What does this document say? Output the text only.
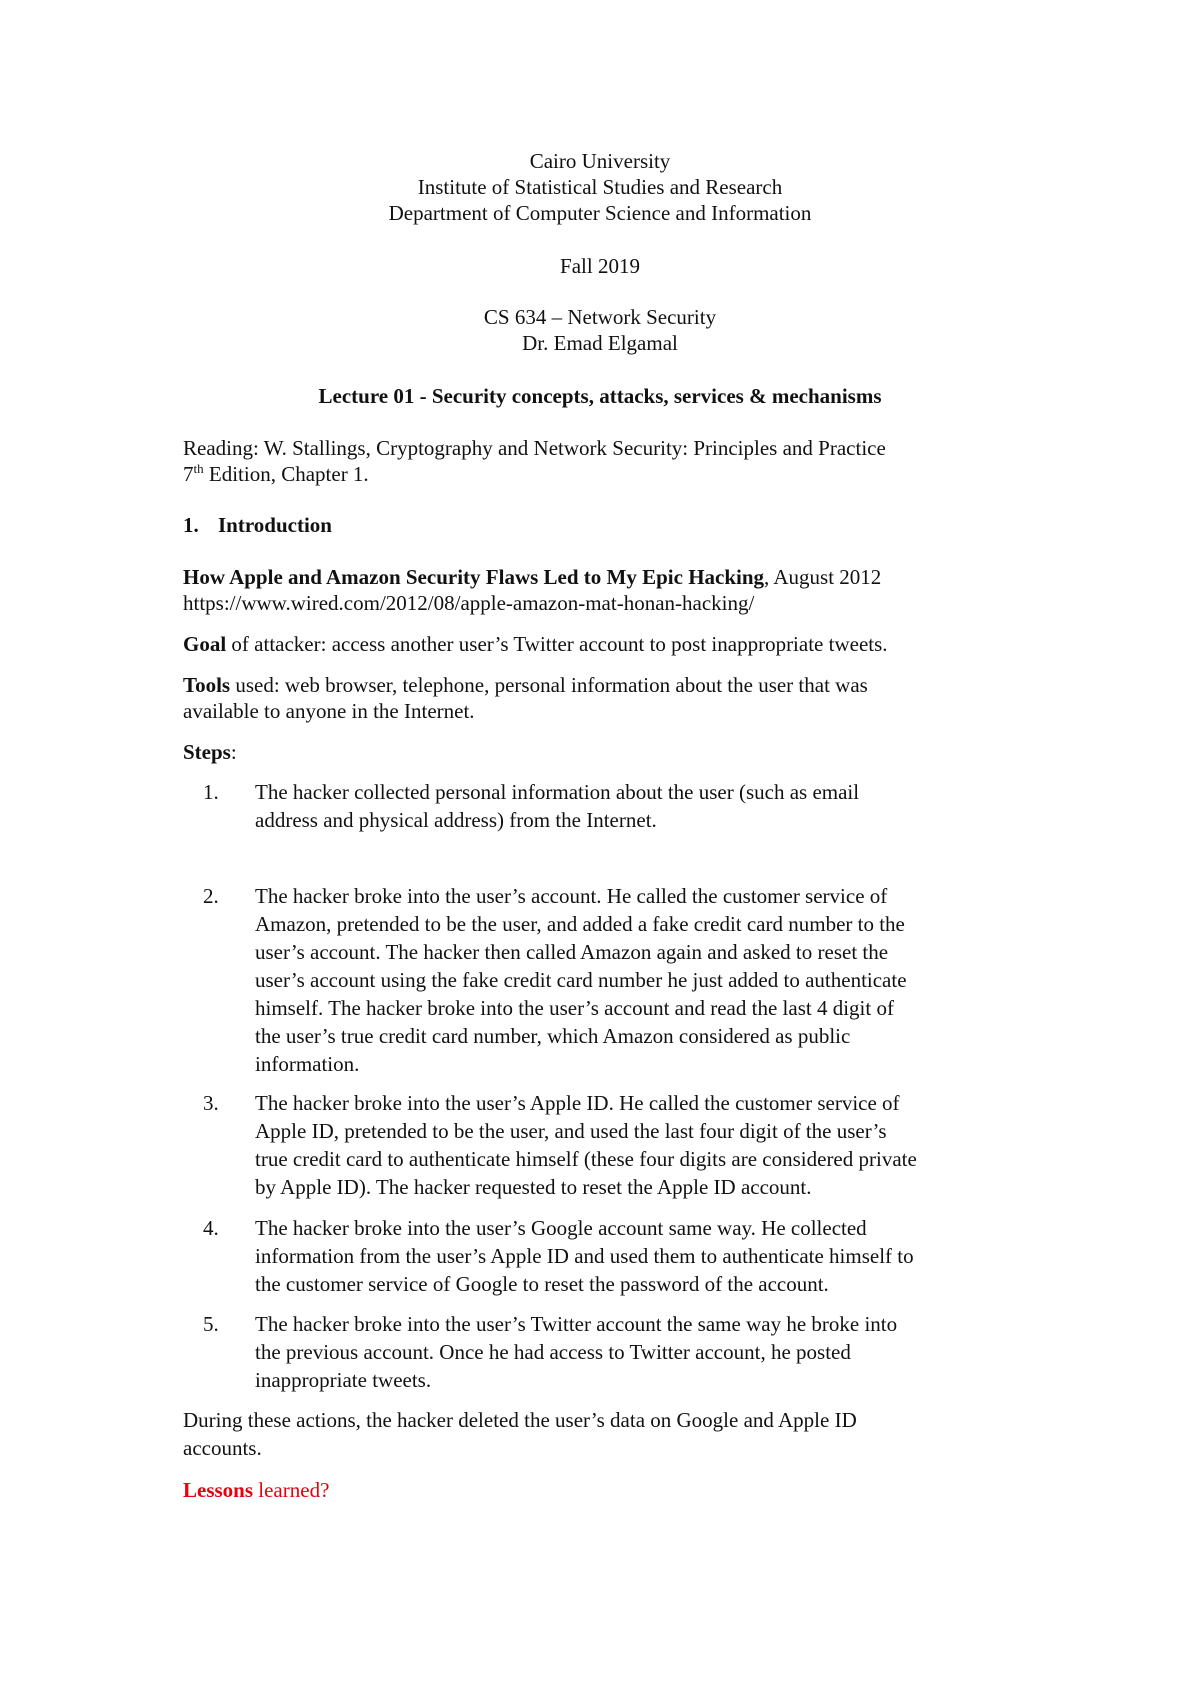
Cairo University
Institute of Statistical Studies and Research
Department of Computer Science and Information
Fall 2019
CS 634 – Network Security
Dr. Emad Elgamal
Lecture 01 - Security concepts, attacks, services & mechanisms
Reading: W. Stallings, Cryptography and Network Security: Principles and Practice
7th Edition, Chapter 1.
1. Introduction
How Apple and Amazon Security Flaws Led to My Epic Hacking, August 2012
https://www.wired.com/2012/08/apple-amazon-mat-honan-hacking/
Goal of attacker: access another user’s Twitter account to post inappropriate tweets.
Tools used: web browser, telephone, personal information about the user that was
available to anyone in the Internet.
Steps:
1.	The hacker collected personal information about the user (such as email
address and physical address) from the Internet.
2.	The hacker broke into the user’s account. He called the customer service of
Amazon, pretended to be the user, and added a fake credit card number to the
user’s account. The hacker then called Amazon again and asked to reset the
user’s account using the fake credit card number he just added to authenticate
himself. The hacker broke into the user’s account and read the last 4 digit of
the user’s true credit card number, which Amazon considered as public
information.
3.	The hacker broke into the user’s Apple ID. He called the customer service of
Apple ID, pretended to be the user, and used the last four digit of the user’s
true credit card to authenticate himself (these four digits are considered private
by Apple ID). The hacker requested to reset the Apple ID account.
4.	The hacker broke into the user’s Google account same way. He collected
information from the user’s Apple ID and used them to authenticate himself to
the customer service of Google to reset the password of the account.
5.	The hacker broke into the user’s Twitter account the same way he broke into
the previous account. Once he had access to Twitter account, he posted
inappropriate tweets.
During these actions, the hacker deleted the user’s data on Google and Apple ID
accounts.
Lessons learned?
